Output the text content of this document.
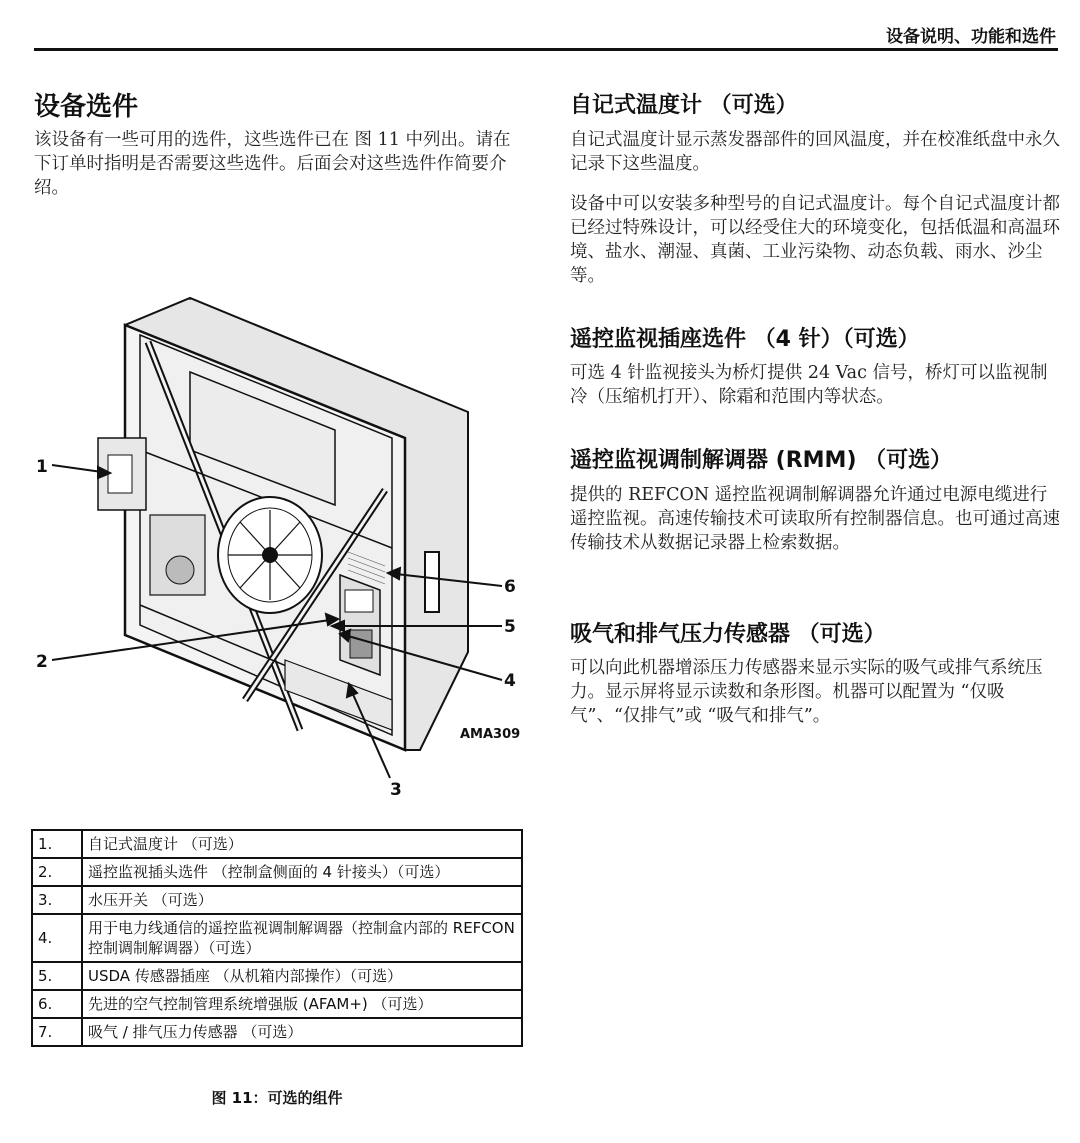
设备说明、功能和选件
设备选件

该设备有一些可用的选件，这些选件已在 图 11 中列出。请在下订单时指明是否需要这些选件。后面会对这些选件作简要介绍。

1
2
3
4
5
6
AMA309
1.	自记式温度计 （可选）
2.	遥控监视插头选件 （控制盒侧面的 4 针接头）（可选）
3.	水压开关 （可选）
4.	用于电力线通信的遥控监视调制解调器（控制盒内部的 REFCON 控制调制解调器）（可选）
5.	USDA 传感器插座 （从机箱内部操作）（可选）
6.	先进的空气控制管理系统增强版 (AFAM+) （可选）
7.	吸气 / 排气压力传感器 （可选）
图 11：可选的组件
自记式温度计 （可选）

自记式温度计显示蒸发器部件的回风温度，并在校准纸盘中永久记录下这些温度。

设备中可以安装多种型号的自记式温度计。每个自记式温度计都已经过特殊设计，可以经受住大的环境变化，包括低温和高温环境、盐水、潮湿、真菌、工业污染物、动态负载、雨水、沙尘等。

遥控监视插座选件 （4 针）（可选）

可选 4 针监视接头为桥灯提供 24 Vac 信号，桥灯可以监视制冷（压缩机打开）、除霜和范围内等状态。

遥控监视调制解调器 (RMM) （可选）

提供的 REFCON 遥控监视调制解调器允许通过电源电缆进行遥控监视。高速传输技术可读取所有控制器信息。也可通过高速传输技术从数据记录器上检索数据。

吸气和排气压力传感器 （可选）

可以向此机器增添压力传感器来显示实际的吸气或排气系统压力。显示屏将显示读数和条形图。机器可以配置为 “仅吸气”、“仅排气”或 “吸气和排气”。
